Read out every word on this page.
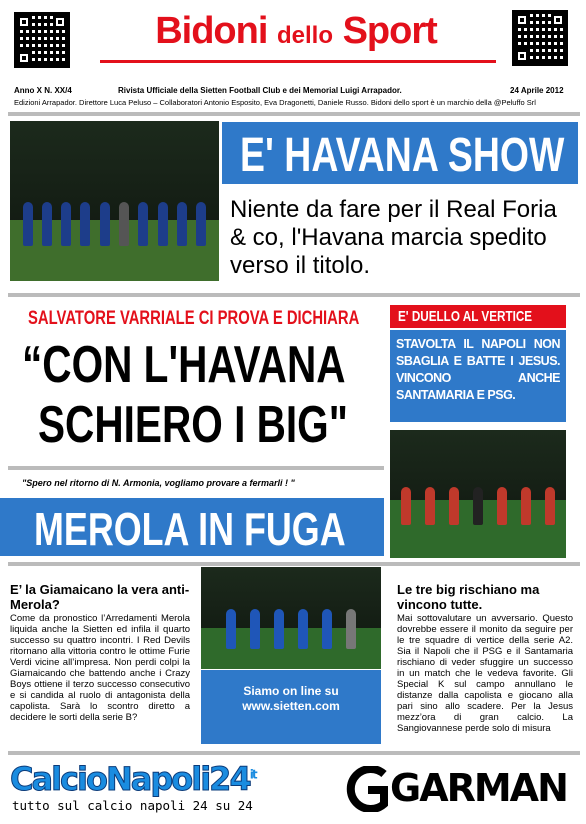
Bidoni dello Sport
Anno X N. XX/4	Rivista Ufficiale della Sietten Football Club e dei Memorial Luigi Arrapador.	24 Aprile 2012
Edizioni Arrapador. Direttore Luca Peluso – Collaboratori Antonio Esposito, Eva Dragonetti, Daniele Russo. Bidoni dello sport è un marchio della @Peluffo Srl
E' HAVANA SHOW
Niente da fare per il Real Foria & co, l'Havana marcia spedito verso il titolo.
SALVATORE VARRIALE CI PROVA E DICHIARA
“CON L'HAVANA
SCHIERO I BIG"
"Spero nel ritorno di N. Armonia, vogliamo provare a fermarli ! "
E' DUELLO AL VERTICE
STAVOLTA IL NAPOLI NON SBAGLIA E BATTE I JESUS. VINCONO ANCHE SANTAMARIA E PSG.
MEROLA IN FUGA
E’ la Giamaicano la vera anti-Merola?
Come da pronostico l’Arredamenti Merola liquida anche la Sietten ed infila il quarto successo su quattro incontri. I Red Devils ritornano alla vittoria contro le ottime Furie Verdi vicine all’impresa. Non perdi colpi la Giamaicando che battendo anche i Crazy Boys ottiene il terzo successo consecutivo e si candida al ruolo di antagonista della capolista. Sarà lo scontro diretto a decidere le sorti della serie B?
Siamo on line su
www.sietten.com
Le tre big rischiano ma vincono tutte.
Mai sottovalutare un avversario. Questo dovrebbe essere il monito da seguire per le tre squadre di vertice della serie A2. Sia il Napoli che il PSG e il Santamaria rischiano di veder sfuggire un successo in un match che le vedeva favorite. Gli Special K sul campo annullano le distanze dalla capolista e giocano alla pari sino allo scadere. Per la Jesus mezz’ora di gran calcio. La Sangiovannese perde solo di misura
$CalcioNapoli24^{it}$
tutto sul calcio napoli 24 su 24	GARMAN
